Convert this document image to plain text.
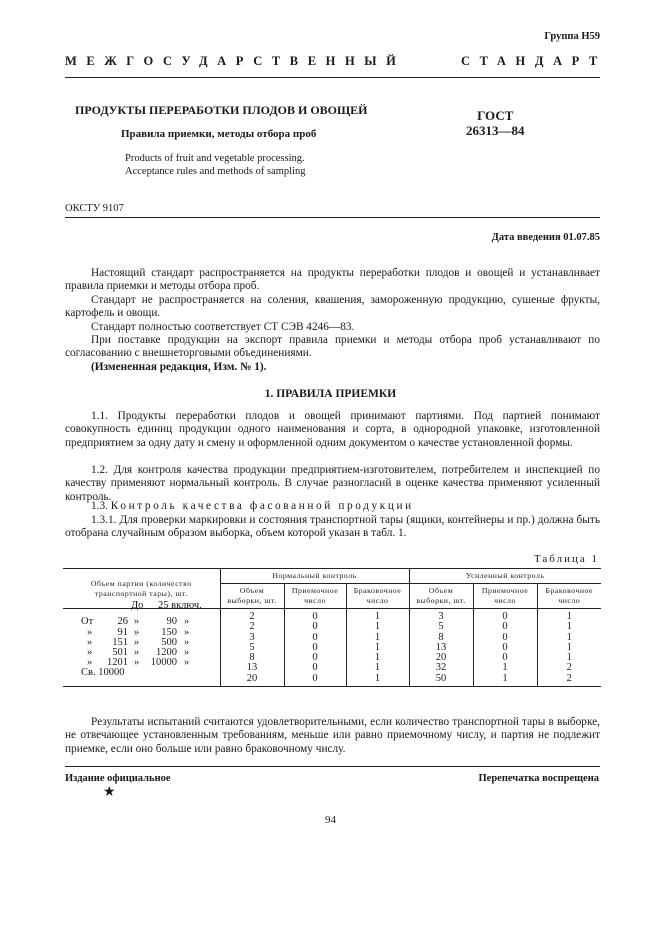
Группа Н59
МЕЖГОСУДАРСТВЕННЫЙ	СТАНДАРТ
ПРОДУКТЫ ПЕРЕРАБОТКИ ПЛОДОВ И ОВОЩЕЙ
Правила приемки, методы отбора проб
Products of fruit and vegetable processing.
Acceptance rules and methods of sampling
ГОСТ
26313—84
ОКСТУ 9107
Дата введения 01.07.85
Настоящий стандарт распространяется на продукты переработки плодов и овощей и устанавливает правила приемки и методы отбора проб.
Стандарт не распространяется на соления, квашения, замороженную продукцию, сушеные фрукты, картофель и овощи.
Стандарт полностью соответствует СТ СЭВ 4246—83.
При поставке продукции на экспорт правила приемки и методы отбора проб устанавливают по согласованию с внешнеторговыми объединениями.
(Измененная редакция, Изм. № 1).
1. ПРАВИЛА ПРИЕМКИ
1.1. Продукты переработки плодов и овощей принимают партиями. Под партией понимают совокупность единиц продукции одного наименования и сорта, в однородной упаковке, изготовленной предприятием за одну дату и смену и оформленной одним документом о качестве установленной формы.
1.2. Для контроля качества продукции предприятием-изготовителем, потребителем и инспекцией по качеству применяют нормальный контроль. В случае разногласий в оценке качества применяют усиленный контроль.
1.3. Контроль качества фасованной продукции
1.3.1. Для проверки маркировки и состояния транспортной тары (ящики, контейнеры и пр.) должна быть отобрана случайным образом выборка, объем которой указан в табл. 1.
Таблица 1
Объем партии (количество транспортной тары), шт.	Нормальный контроль			Усиленный контроль		
	Объем выборки, шт.	Приемочное число	Браковочное число	Объем выборки, шт.	Приемочное число	Браковочное число

До 25 включ.	2	0	1	3	0	1

От 26 » 90 »	2	0	1	5	0	1

» 91 » 150 »	3	0	1	8	0	1

» 151 » 500 »	5	0	1	13	0	1

» 501 » 1200 »	8	0	1	20	0	1

» 1201 » 10000 »	13	0	1	32	1	2

Св. 10000	20	0	1	50	1	2
Результаты испытаний считаются удовлетворительными, если количество транспортной тары в выборке, не отвечающее установленным требованиям, меньше или равно приемочному числу, и партия не подлежит приемке, если оно больше или равно браковочному числу.
Издание официальное	Перепечатка воспрещена
★
94
